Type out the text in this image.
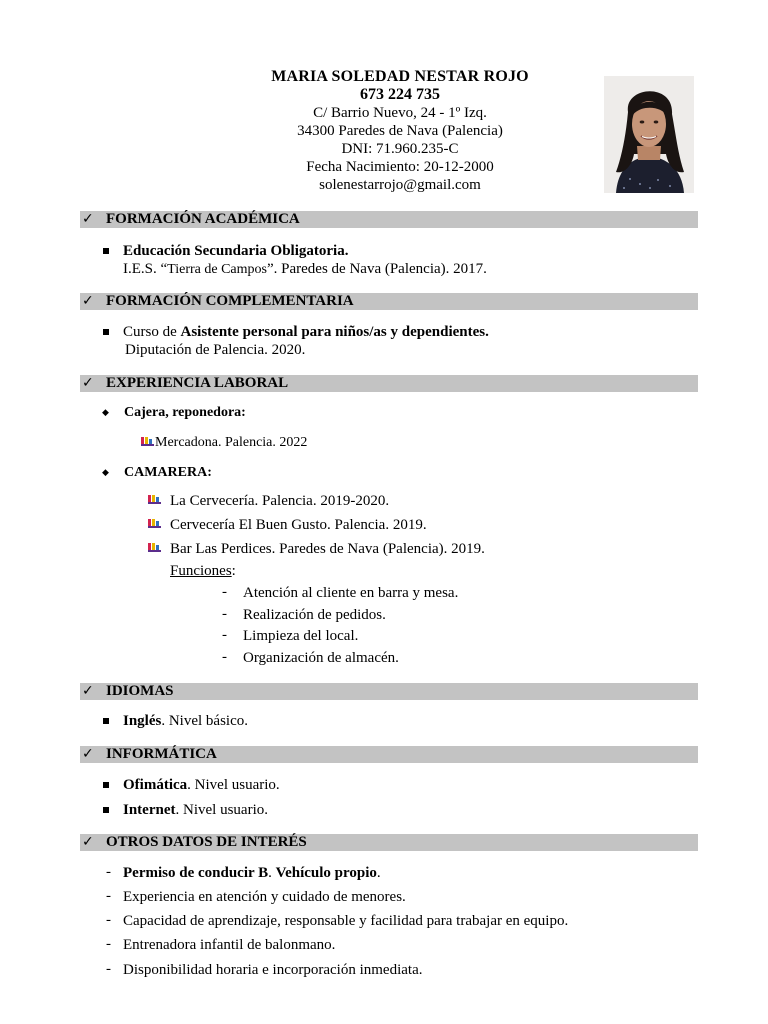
MARIA SOLEDAD NESTAR ROJO
673 224 735
C/ Barrio Nuevo, 24 - 1º Izq.
34300 Paredes de Nava (Palencia)
DNI: 71.960.235-C
Fecha Nacimiento: 20-12-2000
solenestarrojo@gmail.com
✓ FORMACIÓN ACADÉMICA
Educación Secundaria Obligatoria.
I.E.S. “Tierra de Campos”. Paredes de Nava (Palencia). 2017.
✓ FORMACIÓN COMPLEMENTARIA
Curso de Asistente personal para niños/as y dependientes.
Diputación de Palencia. 2020.
✓ EXPERIENCIA LABORAL
◆ Cajera, reponedora:
Mercadona. Palencia. 2022
◆ CAMARERA:
La Cervecería. Palencia. 2019-2020.
Cervecería El Buen Gusto. Palencia. 2019.
Bar Las Perdices. Paredes de Nava (Palencia). 2019.
Funciones:
- Atención al cliente en barra y mesa.
- Realización de pedidos.
- Limpieza del local.
- Organización de almacén.
✓ IDIOMAS
Inglés. Nivel básico.
✓ INFORMÁTICA
Ofimática. Nivel usuario.
Internet. Nivel usuario.
✓ OTROS DATOS DE INTERÉS
- Permiso de conducir B. Vehículo propio.
- Experiencia en atención y cuidado de menores.
- Capacidad de aprendizaje, responsable y facilidad para trabajar en equipo.
- Entrenadora infantil de balonmano.
- Disponibilidad horaria e incorporación inmediata.
